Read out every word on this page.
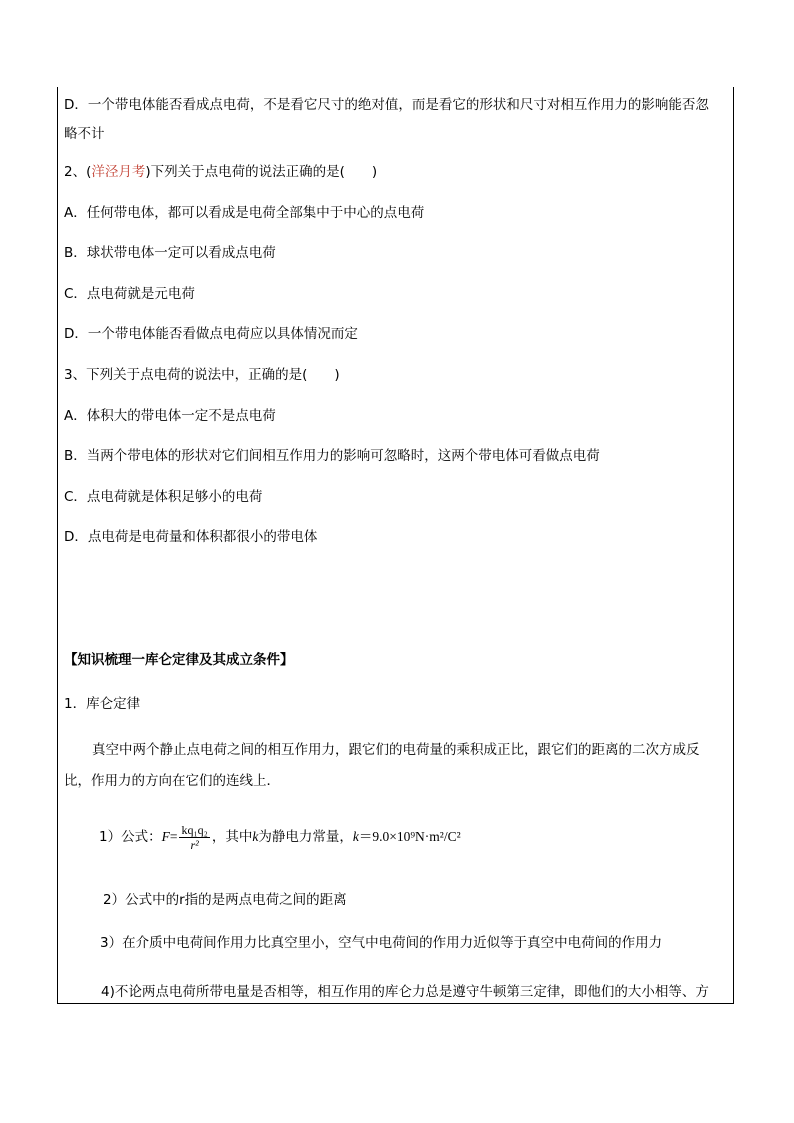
D．一个带电体能否看成点电荷，不是看它尺寸的绝对值，而是看它的形状和尺寸对相互作用力的影响能否忽
略不计
2、(洋泾月考)下列关于点电荷的说法正确的是(　　)
A．任何带电体，都可以看成是电荷全部集中于中心的点电荷
B．球状带电体一定可以看成点电荷
C．点电荷就是元电荷
D．一个带电体能否看做点电荷应以具体情况而定
3、下列关于点电荷的说法中，正确的是(　　)
A．体积大的带电体一定不是点电荷
B．当两个带电体的形状对它们间相互作用力的影响可忽略时，这两个带电体可看做点电荷
C．点电荷就是体积足够小的电荷
D．点电荷是电荷量和体积都很小的带电体
【知识梳理一库仑定律及其成立条件】
1．库仑定律
真空中两个静止点电荷之间的相互作用力，跟它们的电荷量的乘积成正比，跟它们的距离的二次方成反
比，作用力的方向在它们的连线上．
1）公式：$F= \frac{\text{kq₁q₂}}{\text{r²}}$ ，其中k为静电力常量，k＝9.0×10⁹N·m²/C²
2）公式中的r指的是两点电荷之间的距离
3）在介质中电荷间作用力比真空里小，空气中电荷间的作用力近似等于真空中电荷间的作用力
4)不论两点电荷所带电量是否相等，相互作用的库仑力总是遵守牛顿第三定律，即他们的大小相等、方
